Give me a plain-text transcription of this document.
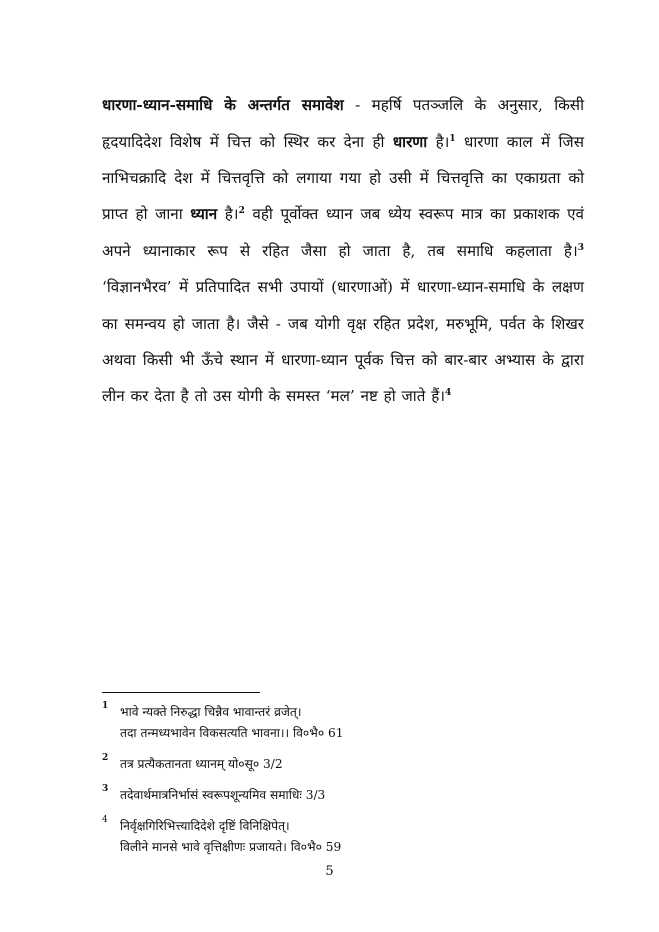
धारणा-ध्यान-समाधि के अन्तर्गत समावेश - महर्षि पतञ्जलि के अनुसार, किसी हृदयादिदेश विशेष में चित्त को स्थिर कर देना ही धारणा है।$^1$ धारणा काल में जिस नाभिचक्रादि देश में चित्तवृत्ति को लगाया गया हो उसी में चित्तवृत्ति का एकाग्रता को प्राप्त हो जाना ध्यान है।$^2$ वही पूर्वोक्त ध्यान जब ध्येय स्वरूप मात्र का प्रकाशक एवं अपने ध्यानाकार रूप से रहित जैसा हो जाता है, तब समाधि कहलाता है।$^3$ ‘विज्ञानभैरव’ में प्रतिपादित सभी उपायों (धारणाओं) में धारणा-ध्यान-समाधि के लक्षण का समन्वय हो जाता है। जैसे - जब योगी वृक्ष रहित प्रदेश, मरुभूमि, पर्वत के शिखर अथवा किसी भी ऊँचे स्थान में धारणा-ध्यान पूर्वक चित्त को बार-बार अभ्यास के द्वारा लीन कर देता है तो उस योगी के समस्त ‘मल’ नष्ट हो जाते हैं।$^4$

1 भावे न्यक्ते निरुद्धा चिन्नैव भावान्तरं व्रजेत्।
तदा तन्मध्यभावेन विकसत्यति भावना।। वि०भै० 61
2 तत्र प्रत्यैकतानता ध्यानम् यो०सू० 3/2
3 तदेवार्थमात्रनिर्भासं स्वरूपशून्यमिव समाधिः 3/3
4 निर्वृक्षगिरिभित्त्यादिदेशे दृष्टिं विनिक्षिपेत्।
विलीने मानसे भावे वृत्तिक्षीणः प्रजायते। वि०भै० 59
5
